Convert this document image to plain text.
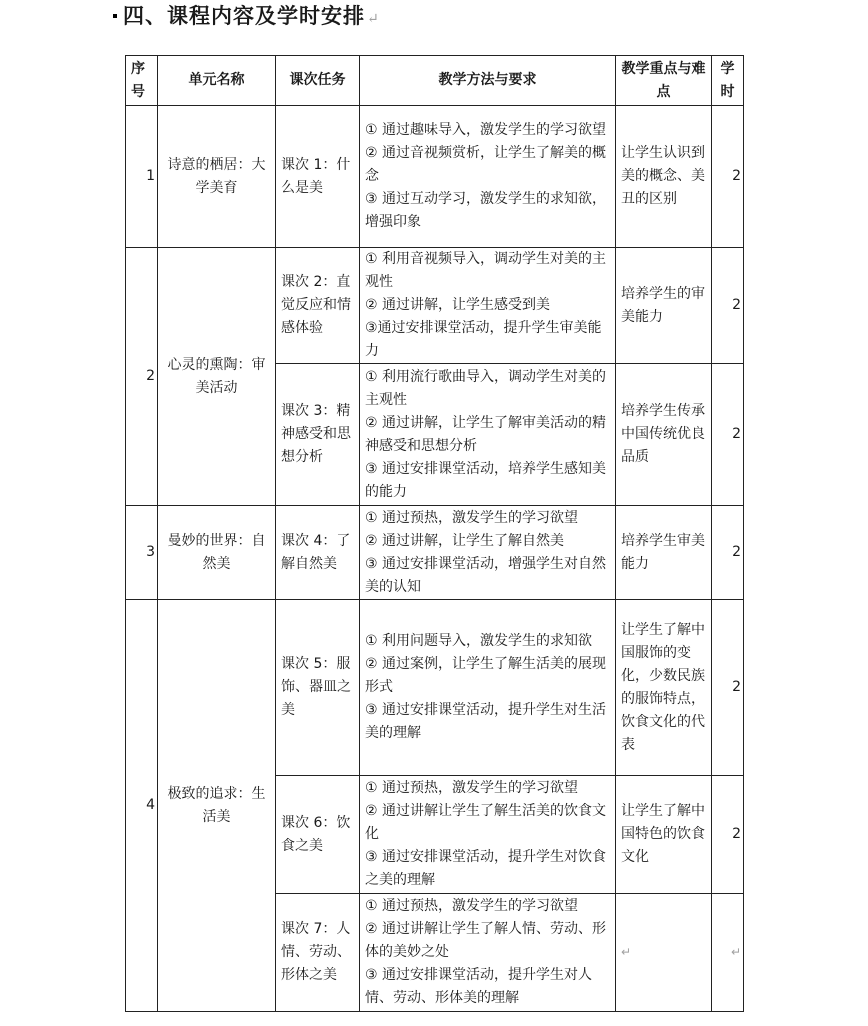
四、课程内容及学时安排 ↵
序号	单元名称	课次任务	教学方法与要求	教学重点与难点	学时
1	诗意的栖居：大学美育	课次 1：什么是美	① 通过趣味导入，激发学生的学习欲望
② 通过音视频赏析，让学生了解美的概念
③ 通过互动学习，激发学生的求知欲，增强印象	让学生认识到美的概念、美丑的区别	2
2	心灵的熏陶：审美活动	课次 2：直觉反应和情感体验	① 利用音视频导入，调动学生对美的主观性
② 通过讲解，让学生感受到美
③通过安排课堂活动，提升学生审美能力	培养学生的审美能力	2
		课次 3：精神感受和思想分析	① 利用流行歌曲导入，调动学生对美的主观性
② 通过讲解，让学生了解审美活动的精神感受和思想分析
③ 通过安排课堂活动，培养学生感知美的能力	培养学生传承中国传统优良品质	2
3	曼妙的世界：自然美	课次 4：了解自然美	① 通过预热，激发学生的学习欲望
② 通过讲解，让学生了解自然美
③ 通过安排课堂活动，增强学生对自然美的认知	培养学生审美能力	2
4	极致的追求：生活美	课次 5：服饰、器皿之美	① 利用问题导入，激发学生的求知欲
② 通过案例，让学生了解生活美的展现形式
③ 通过安排课堂活动，提升学生对生活美的理解	让学生了解中国服饰的变化，少数民族的服饰特点，饮食文化的代表	2
		课次 6：饮食之美	① 通过预热，激发学生的学习欲望
② 通过讲解让学生了解生活美的饮食文化
③ 通过安排课堂活动，提升学生对饮食之美的理解	让学生了解中国特色的饮食文化	2
		课次 7：人情、劳动、形体之美	① 通过预热，激发学生的学习欲望
② 通过讲解让学生了解人情、劳动、形体的美妙之处
③ 通过安排课堂活动，提升学生对人情、劳动、形体美的理解	↵	↵
